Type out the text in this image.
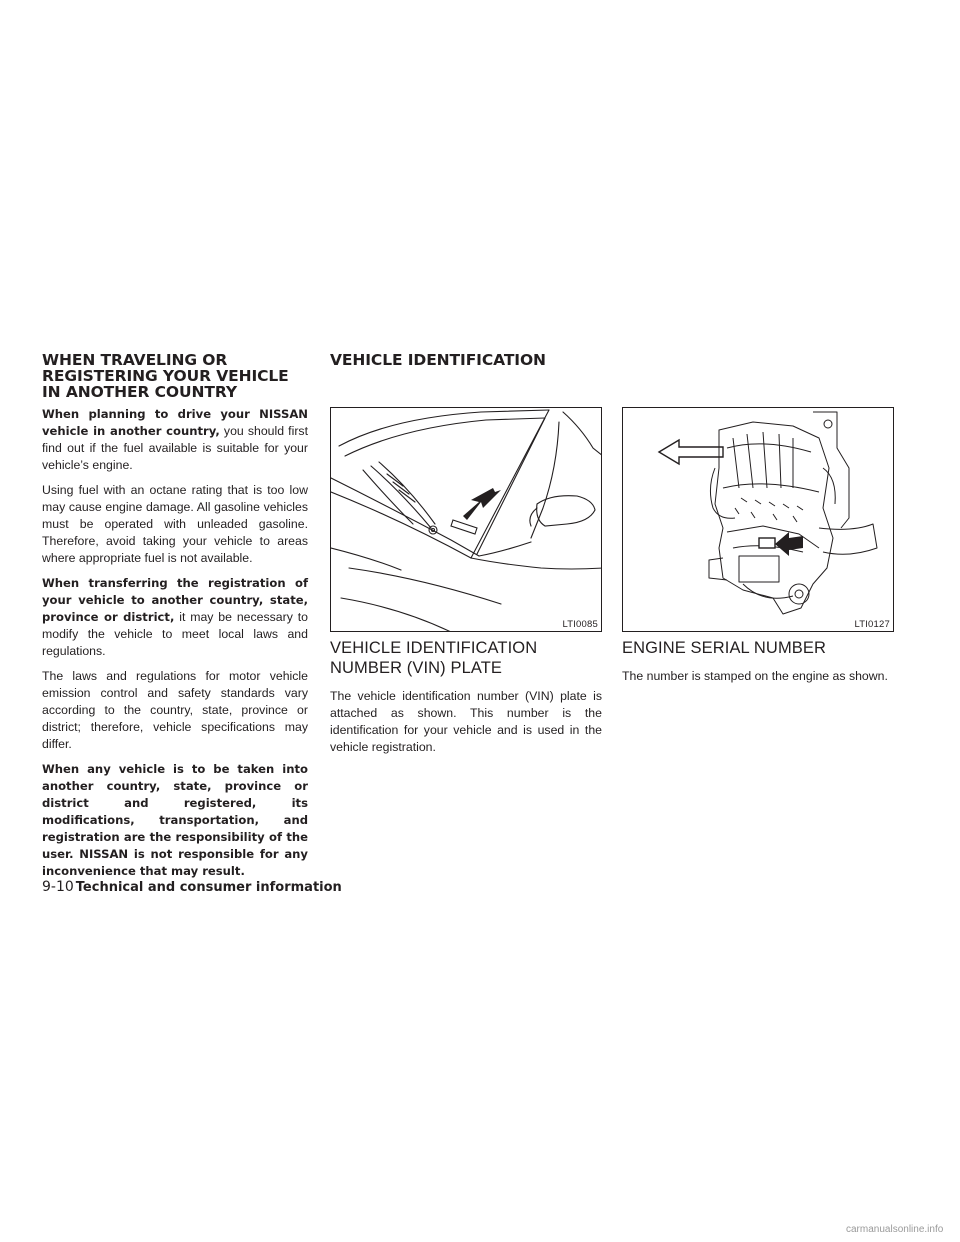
WHEN TRAVELING OR REGISTERING YOUR VEHICLE IN ANOTHER COUNTRY

When planning to drive your NISSAN vehicle in another country, you should first find out if the fuel available is suitable for your vehicle’s engine.

Using fuel with an octane rating that is too low may cause engine damage. All gasoline vehicles must be operated with unleaded gasoline. Therefore, avoid taking your vehicle to areas where appropriate fuel is not available.

When transferring the registration of your vehicle to another country, state, province or district, it may be necessary to modify the vehicle to meet local laws and regulations.

The laws and regulations for motor vehicle emission control and safety standards vary according to the country, state, province or district; therefore, vehicle specifications may differ.

When any vehicle is to be taken into another country, state, province or district and registered, its modifications, transportation, and registration are the responsibility of the user. NISSAN is not responsible for any inconvenience that may result.

VEHICLE IDENTIFICATION
LTI0085
VEHICLE IDENTIFICATION NUMBER (VIN) PLATE

The vehicle identification number (VIN) plate is attached as shown. This number is the identification for your vehicle and is used in the vehicle registration.

LTI0127
ENGINE SERIAL NUMBER

The number is stamped on the engine as shown.

9-10 Technical and consumer information
carmanualsonline.info
